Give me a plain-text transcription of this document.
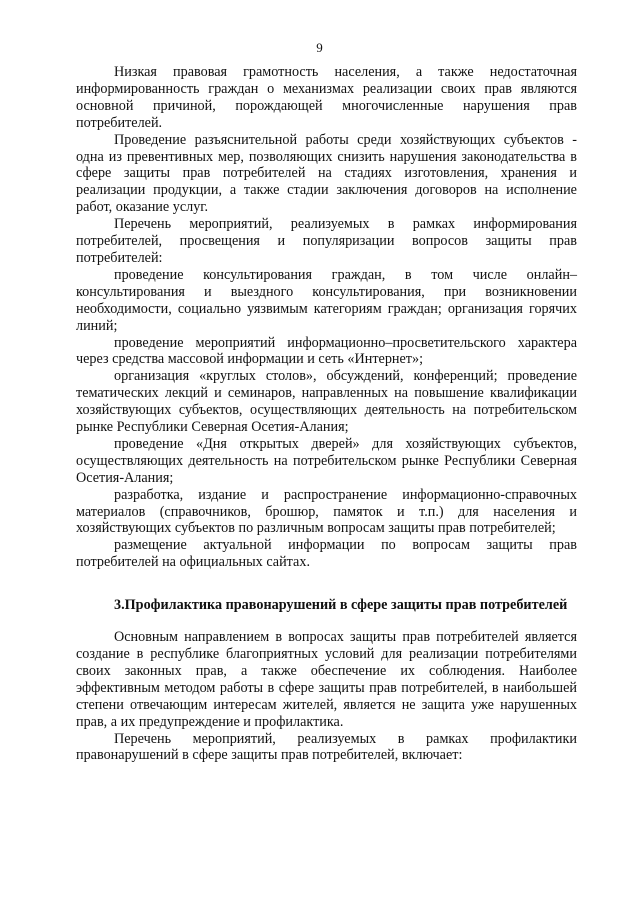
9

Низкая правовая грамотность населения, а также недостаточная информированность граждан о механизмах реализации своих прав являются основной причиной, порождающей многочисленные нарушения прав потребителей.

Проведение разъяснительной работы среди хозяйствующих субъектов - одна из превентивных мер, позволяющих снизить нарушения законодательства в сфере защиты прав потребителей на стадиях изготовления, хранения и реализации продукции, а также стадии заключения договоров на исполнение работ, оказание услуг.

Перечень мероприятий, реализуемых в рамках информирования потребителей, просвещения и популяризации вопросов защиты прав потребителей:

проведение консультирования граждан, в том числе онлайн–консультирования и выездного консультирования, при возникновении необходимости, социально уязвимым категориям граждан; организация горячих линий;

проведение мероприятий информационно–просветительского характера через средства массовой информации и сеть «Интернет»;

организация «круглых столов», обсуждений, конференций; проведение тематических лекций и семинаров, направленных на повышение квалификации хозяйствующих субъектов, осуществляющих деятельность на потребительском рынке Республики Северная Осетия-Алания;

проведение «Дня открытых дверей» для хозяйствующих субъектов, осуществляющих деятельность на потребительском рынке Республики Северная Осетия-Алания;

разработка, издание и распространение информационно-справочных материалов (справочников, брошюр, памяток и т.п.) для населения и хозяйствующих субъектов по различным вопросам защиты прав потребителей;

размещение актуальной информации по вопросам защиты прав потребителей на официальных сайтах.

3.Профилактика правонарушений в сфере защиты прав потребителей

Основным направлением в вопросах защиты прав потребителей является создание в республике благоприятных условий для реализации потребителями своих законных прав, а также обеспечение их соблюдения. Наиболее эффективным методом работы в сфере защиты прав потребителей, в наибольшей степени отвечающим интересам жителей, является не защита уже нарушенных прав, а их предупреждение и профилактика.

Перечень мероприятий, реализуемых в рамках профилактики правонарушений в сфере защиты прав потребителей, включает:
